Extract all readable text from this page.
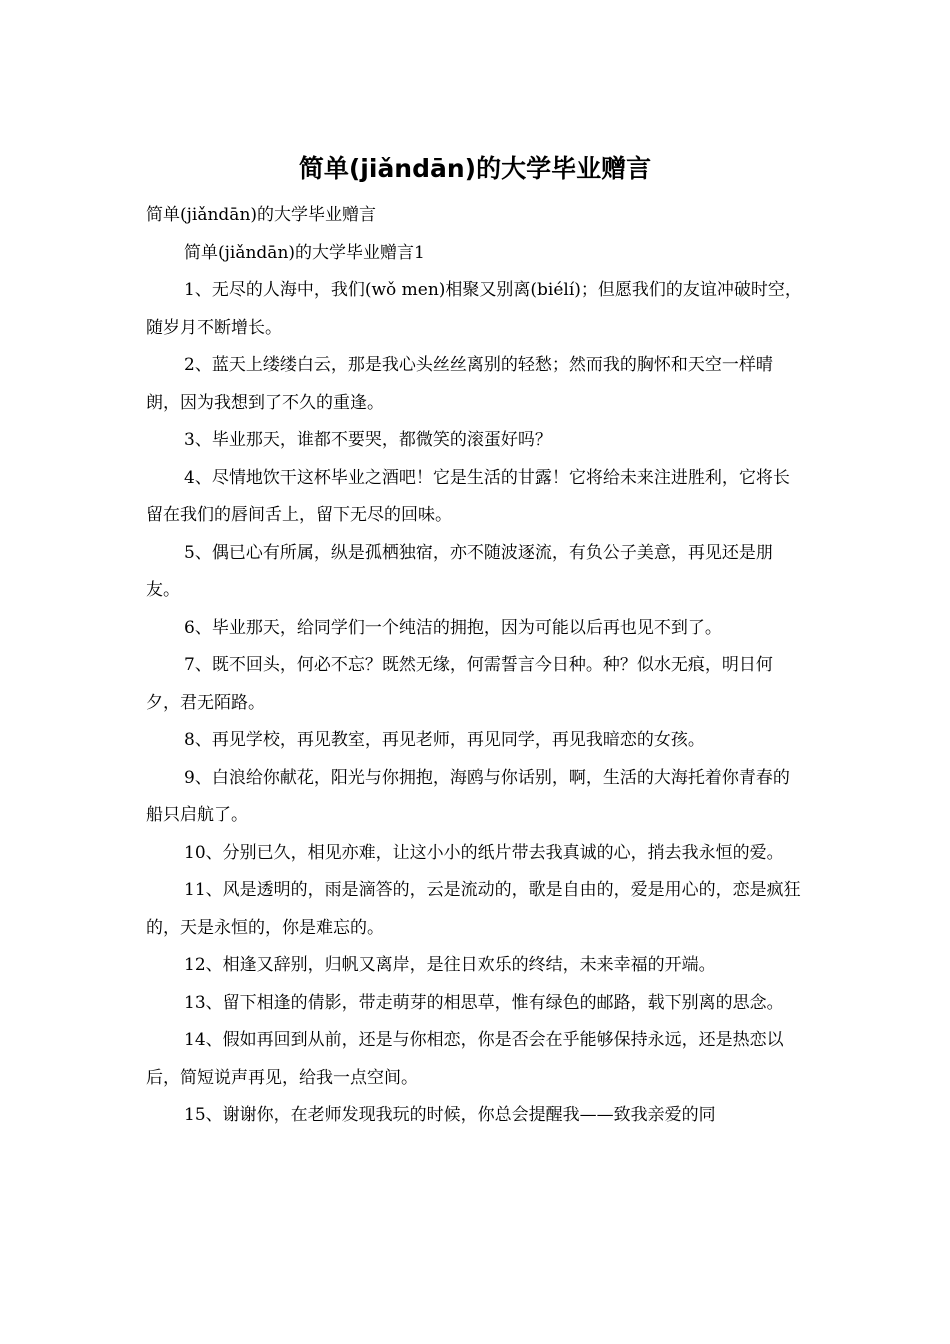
简单(jiǎndān)的大学毕业赠言

简单(jiǎndān)的大学毕业赠言

简单(jiǎndān)的大学毕业赠言1

1、无尽的人海中，我们(wǒ men)相聚又别离(biélí)；但愿我们的友谊冲破时空，随岁月不断增长。

2、蓝天上缕缕白云，那是我心头丝丝离别的轻愁；然而我的胸怀和天空一样晴朗，因为我想到了不久的重逢。

3、毕业那天，谁都不要哭，都微笑的滚蛋好吗？

4、尽情地饮干这杯毕业之酒吧！它是生活的甘露！它将给未来注进胜利，它将长留在我们的唇间舌上，留下无尽的回味。

5、偶已心有所属，纵是孤栖独宿，亦不随波逐流，有负公子美意，再见还是朋友。

6、毕业那天，给同学们一个纯洁的拥抱，因为可能以后再也见不到了。

7、既不回头，何必不忘？既然无缘，何需誓言今日种。种？似水无痕，明日何夕，君无陌路。

8、再见学校，再见教室，再见老师，再见同学，再见我暗恋的女孩。

9、白浪给你献花，阳光与你拥抱，海鸥与你话别，啊，生活的大海托着你青春的船只启航了。

10、分别已久，相见亦难，让这小小的纸片带去我真诚的心，捎去我永恒的爱。

11、风是透明的，雨是滴答的，云是流动的，歌是自由的，爱是用心的，恋是疯狂的，天是永恒的，你是难忘的。

12、相逢又辞别，归帆又离岸，是往日欢乐的终结，未来幸福的开端。

13、留下相逢的倩影，带走萌芽的相思草，惟有绿色的邮路，载下别离的思念。

14、假如再回到从前，还是与你相恋，你是否会在乎能够保持永远，还是热恋以后，简短说声再见，给我一点空间。

15、谢谢你，在老师发现我玩的时候，你总会提醒我——致我亲爱的同
